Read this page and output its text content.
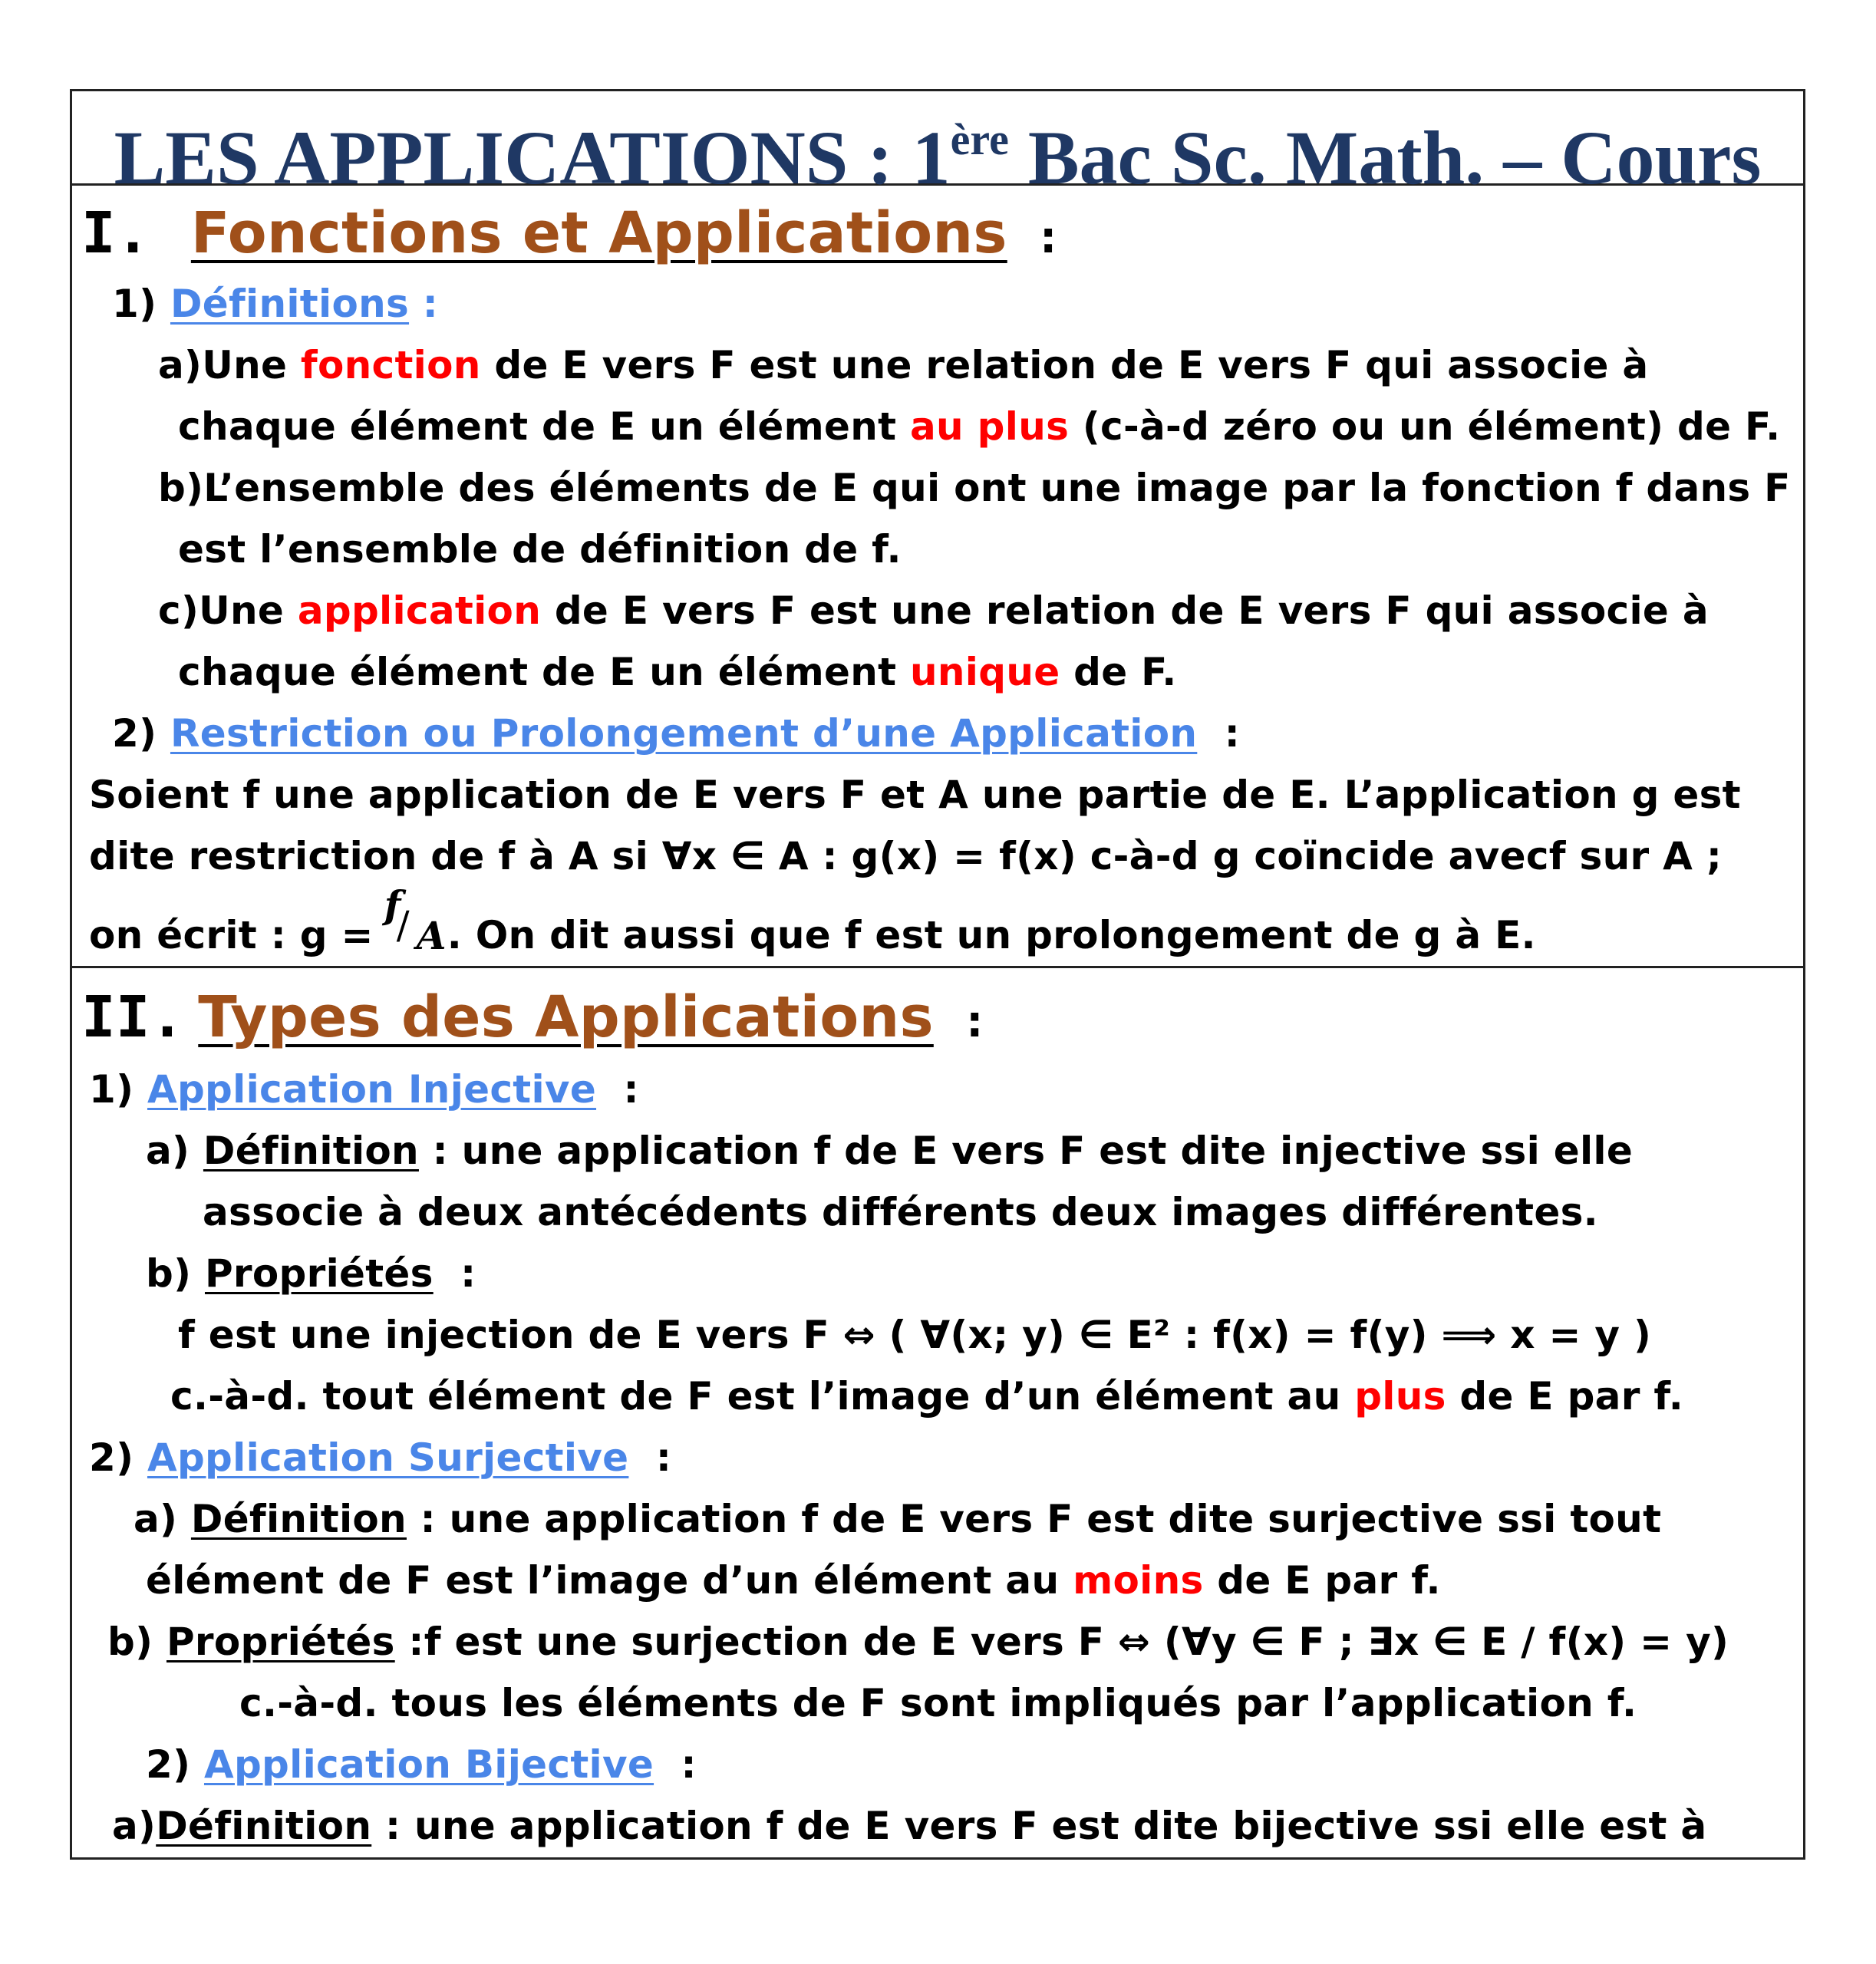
LES APPLICATIONS : 1ère Bac Sc. Math. – Cours
I. Fonctions et Applications :
1) Définitions :
a)Une fonction de E vers F est une relation de E vers F qui associe à
chaque élément de E un élément au plus (c-à-d zéro ou un élément) de F.
b)L’ensemble des éléments de E qui ont une image par la fonction f dans F
est l’ensemble de définition de f.
c)Une application de E vers F est une relation de E vers F qui associe à
chaque élément de E un élément unique de F.
2) Restriction ou Prolongement d’une Application :
Soient f une application de E vers F et A une partie de E. L’application g est
dite restriction de f à A si ∀x ∈ A : g(x) = f(x) c-à-d g coïncide avecf sur A ;
on écrit : g =
f
/ A . On dit aussi que f est un prolongement de g à E.
II. Types des Applications :
1) Application Injective :
a) Définition : une application f de E vers F est dite injective ssi elle
associe à deux antécédents différents deux images différentes.
b) Propriétés :
f est une injection de E vers F ⇔ ( ∀(x; y) ∈ E² : f(x) = f(y) ⟹ x = y )
c.-à-d. tout élément de F est l’image d’un élément au plus de E par f.
2) Application Surjective :
a) Définition : une application f de E vers F est dite surjective ssi tout
élément de F est l’image d’un élément au moins de E par f.
b) Propriétés :f est une surjection de E vers F ⇔ (∀y ∈ F ; ∃x ∈ E / f(x) = y)
c.-à-d. tous les éléments de F sont impliqués par l’application f.
2) Application Bijective :
a)Définition : une application f de E vers F est dite bijective ssi elle est à
